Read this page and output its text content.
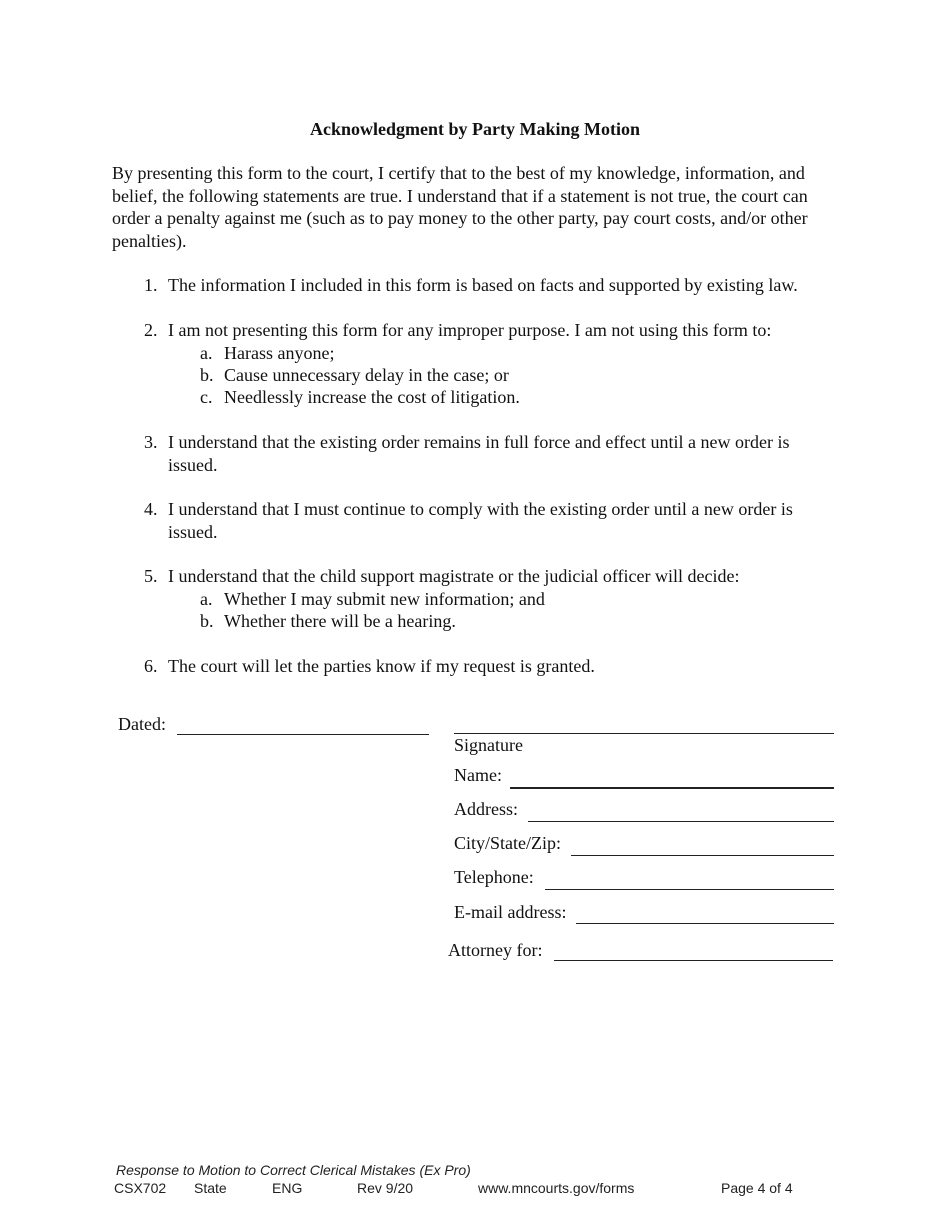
Acknowledgment by Party Making Motion

By presenting this form to the court, I certify that to the best of my knowledge, information, and belief, the following statements are true. I understand that if a statement is not true, the court can order a penalty against me (such as to pay money to the other party, pay court costs, and/or other penalties).

1. The information I included in this form is based on facts and supported by existing law.
2. I am not presenting this form for any improper purpose. I am not using this form to:
a. Harass anyone;
b. Cause unnecessary delay in the case; or
c. Needlessly increase the cost of litigation.
3. I understand that the existing order remains in full force and effect until a new order is issued.
4. I understand that I must continue to comply with the existing order until a new order is issued.
5. I understand that the child support magistrate or the judicial officer will decide:
a. Whether I may submit new information; and
b. Whether there will be a hearing.
6. The court will let the parties know if my request is granted.
Dated:
Signature
Name:
Address:
City/State/Zip:
Telephone:
E-mail address:
Attorney for:
Response to Motion to Correct Clerical Mistakes (Ex Pro)
CSX702 State	ENG	Rev 9/20	www.mncourts.gov/forms	Page 4 of 4
